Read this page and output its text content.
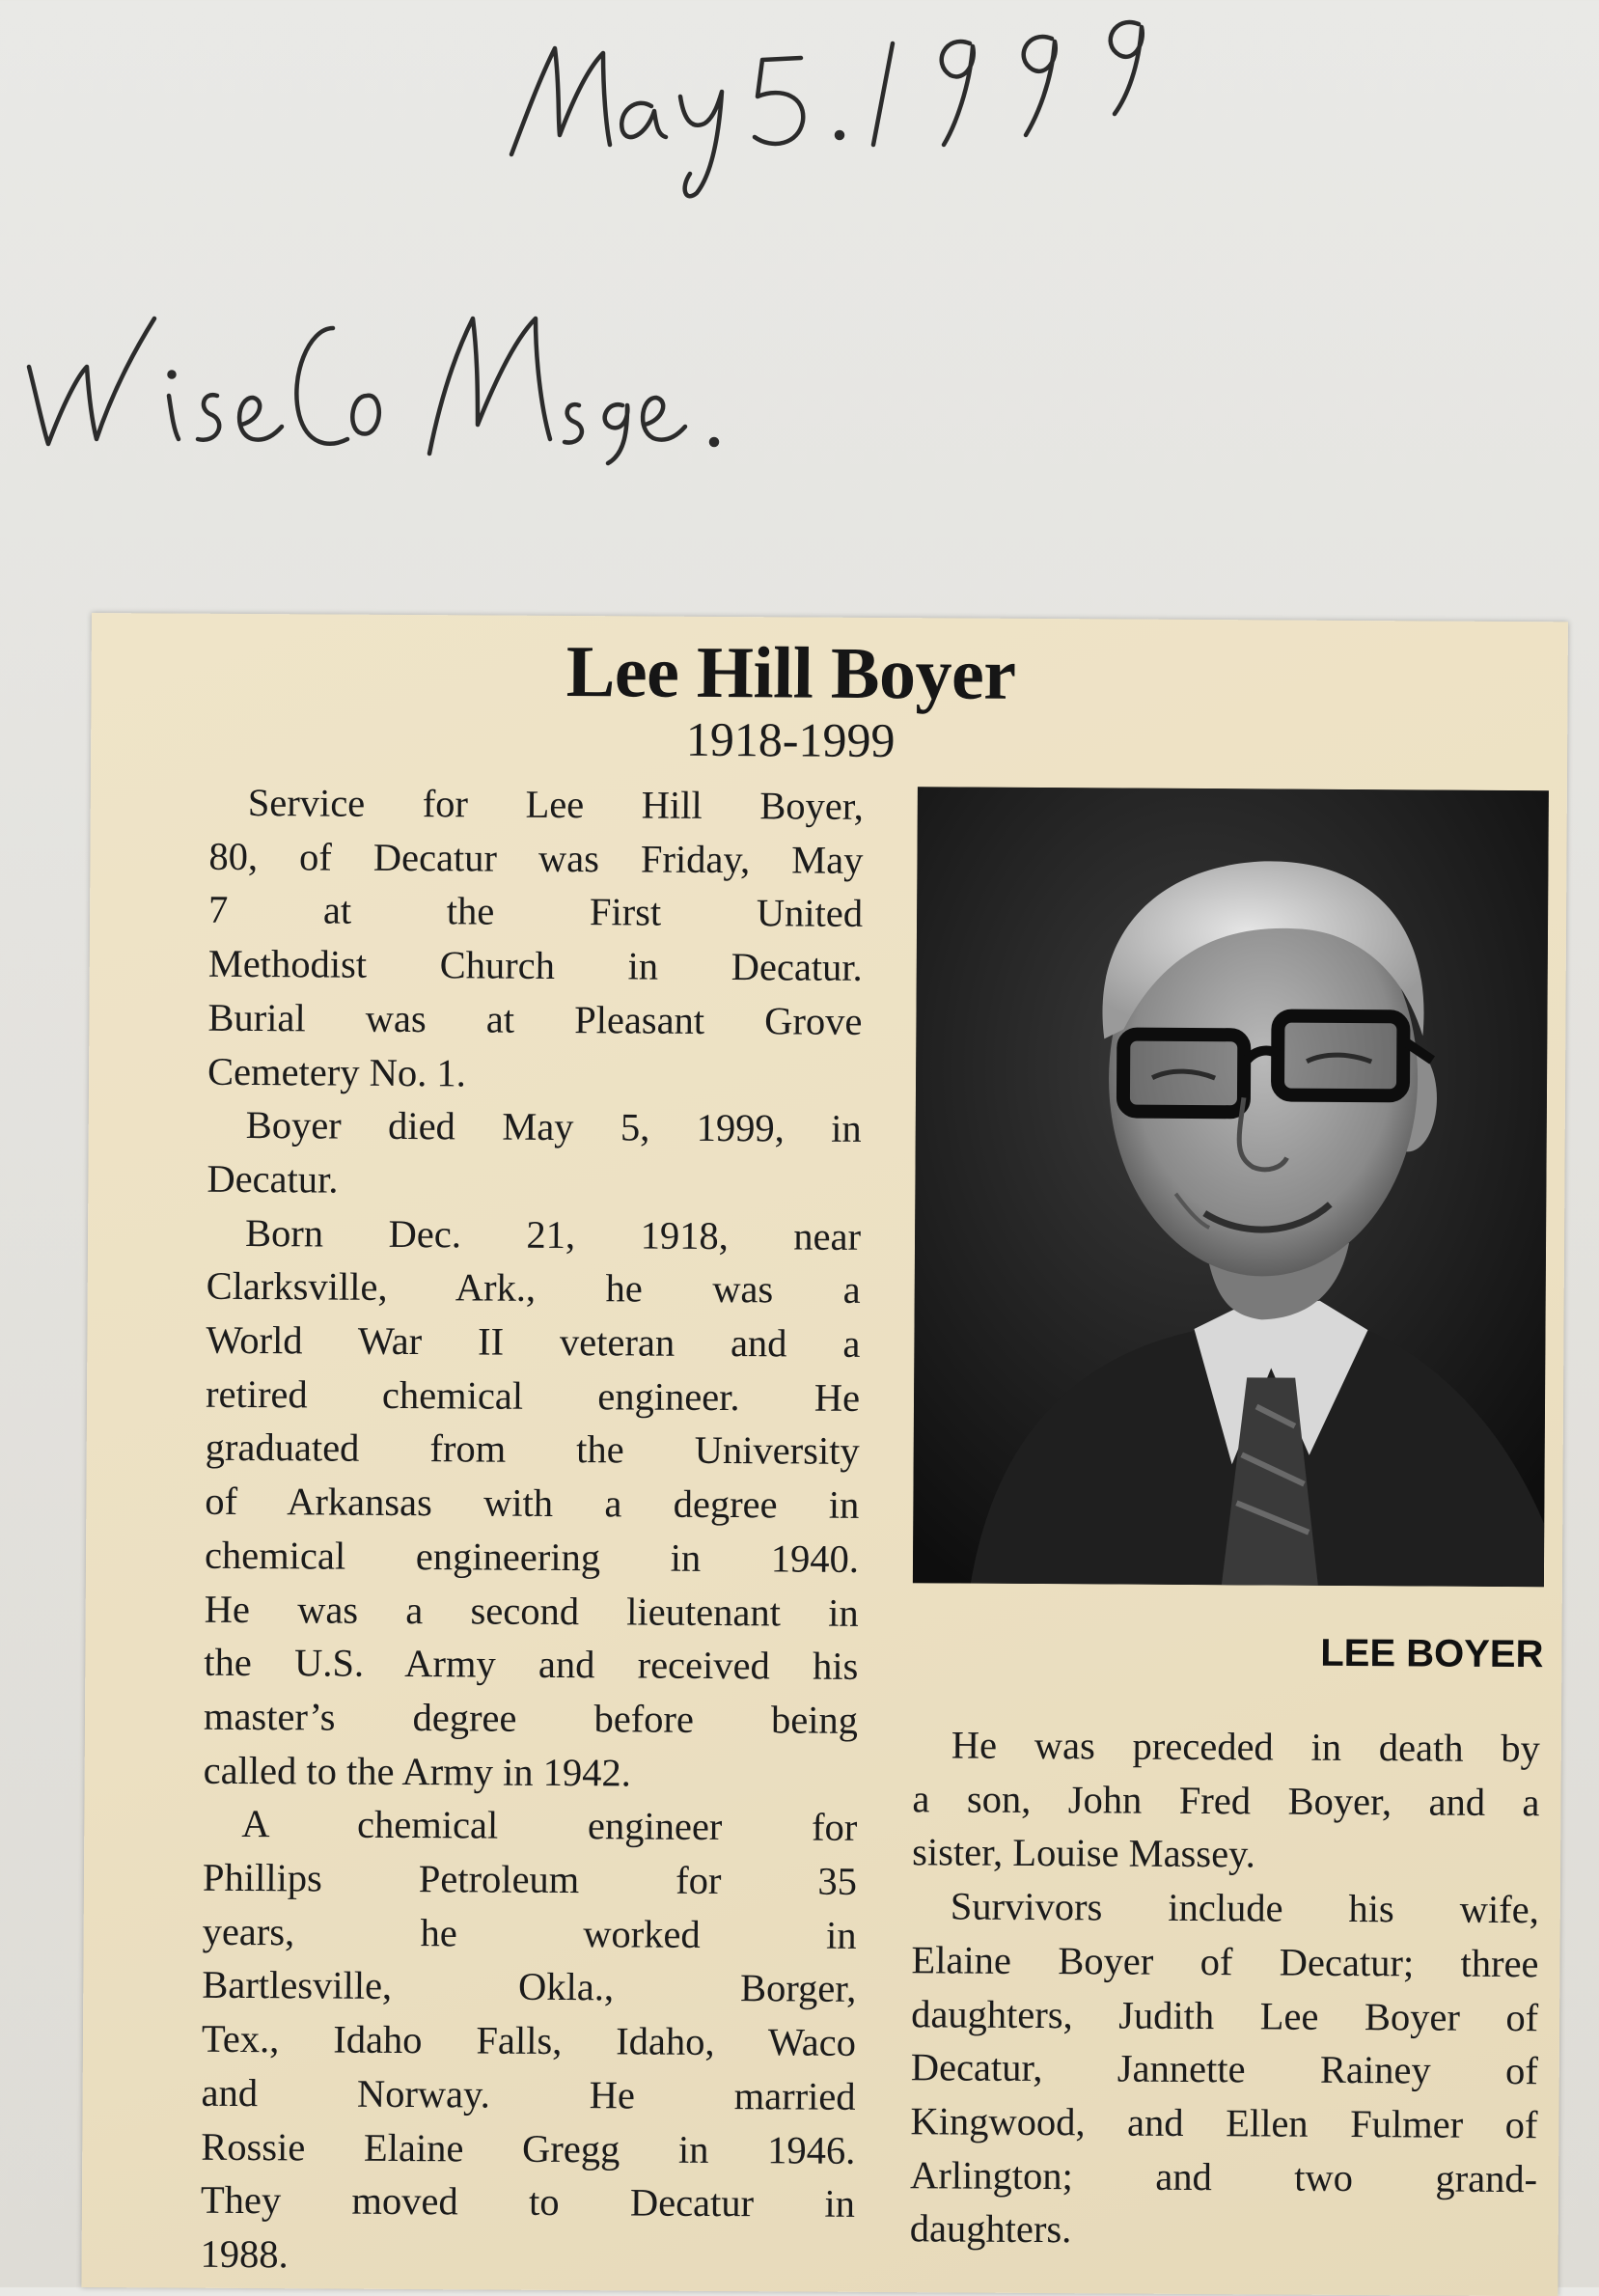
Lee Hill Boyer
1918-1999
Service for Lee Hill Boyer,
80, of Decatur was Friday, May
7 at the First United
Methodist Church in Decatur.
Burial was at Pleasant Grove
Cemetery No. 1.
Boyer died May 5, 1999, in
Decatur.
Born Dec. 21, 1918, near
Clarksville, Ark., he was a
World War II veteran and a
retired chemical engineer. He
graduated from the University
of Arkansas with a degree in
chemical engineering in 1940.
He was a second lieutenant in
the U.S. Army and received his
master’s degree before being
called to the Army in 1942.
A chemical engineer for
Phillips Petroleum for 35
years, he worked in
Bartlesville, Okla., Borger,
Tex., Idaho Falls, Idaho, Waco
and Norway. He married
Rossie Elaine Gregg in 1946.
They moved to Decatur in
1988.
LEE BOYER
He was preceded in death by
a son, John Fred Boyer, and a
sister, Louise Massey.
Survivors include his wife,
Elaine Boyer of Decatur; three
daughters, Judith Lee Boyer of
Decatur, Jannette Rainey of
Kingwood, and Ellen Fulmer of
Arlington; and two grand-
daughters.
